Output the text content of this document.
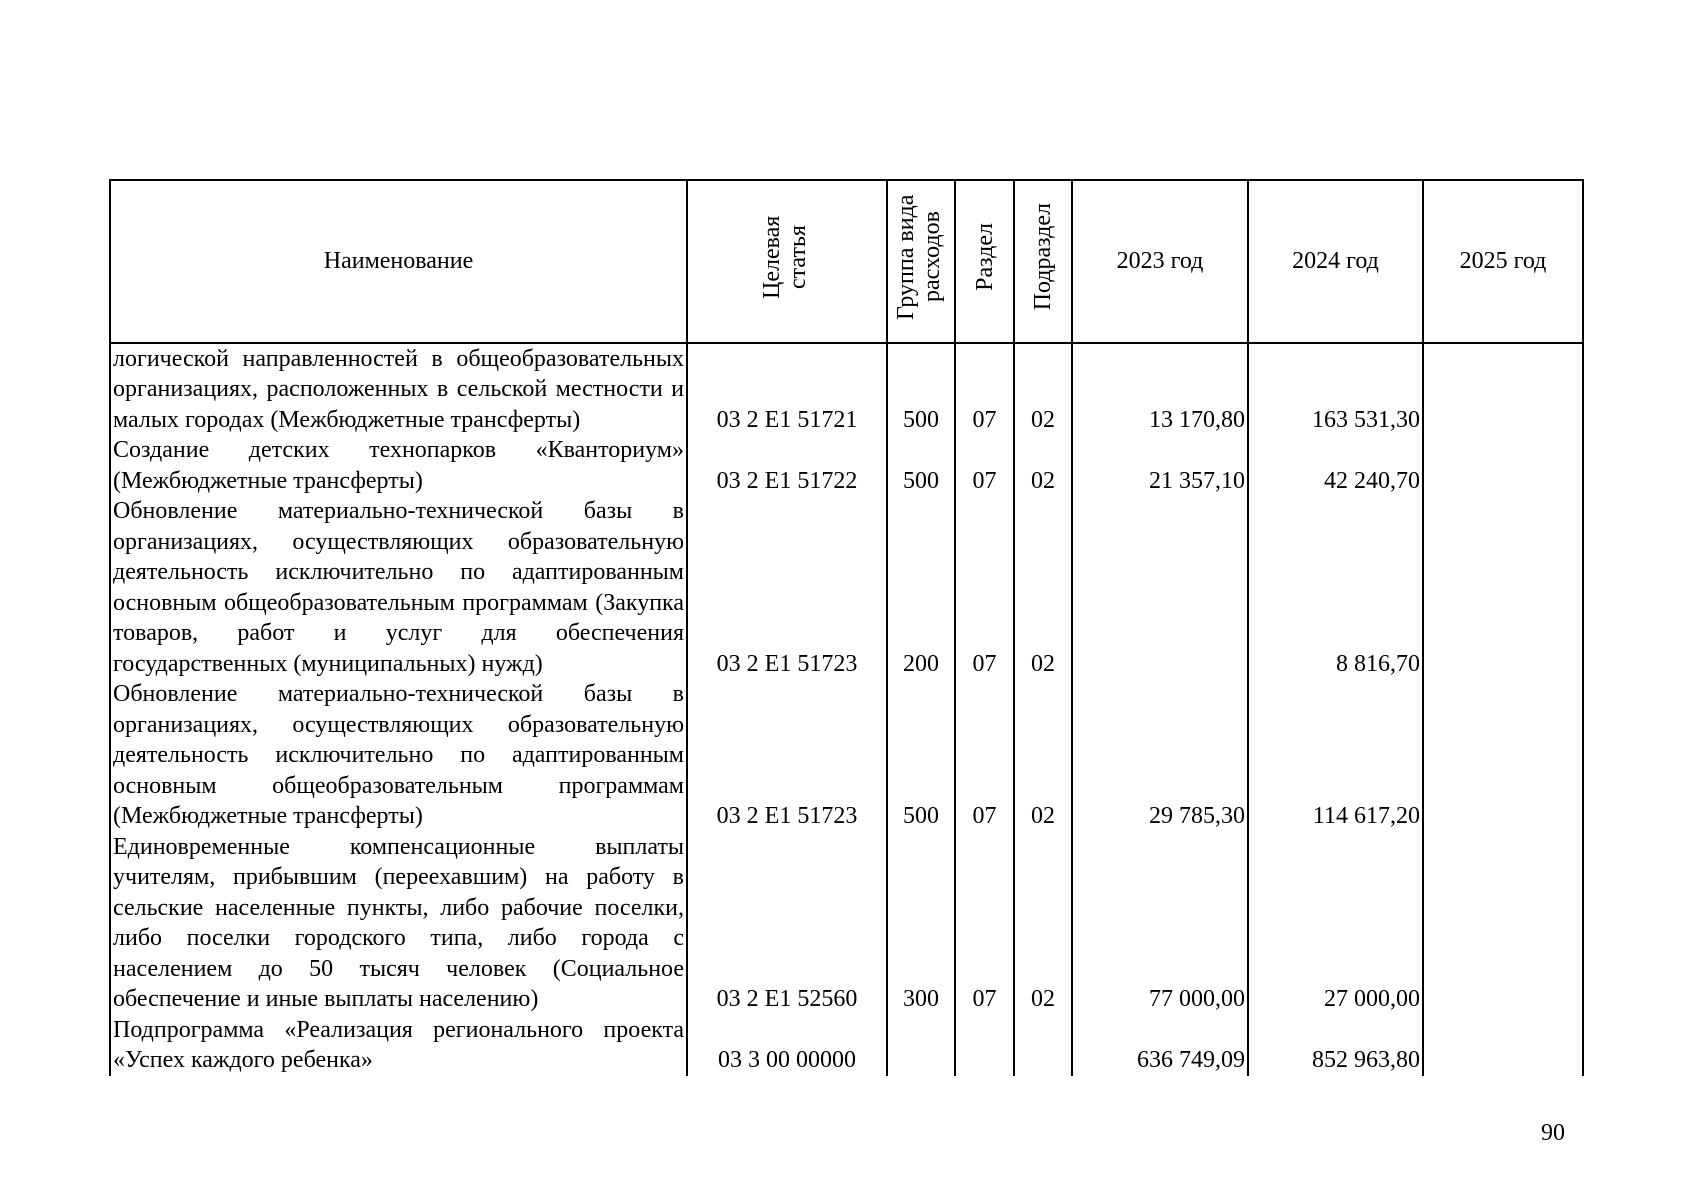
Наименование	Целевая статья	Группа вида расходов	Раздел	Подраздел	2023 год	2024 год	2025 год
логической направленностей в общеобразовательных организациях, расположенных в сельской местности и малых городах (Межбюджетные трансферты)	03 2 E1 51721	500	07	02	13 170,80	163 531,30	
Создание детских технопарков «Кванториум» (Межбюджетные трансферты)	03 2 E1 51722	500	07	02	21 357,10	42 240,70	
Обновление материально-технической базы в организациях, осуществляющих образовательную деятельность исключительно по адаптированным основным общеобразовательным программам (Закупка товаров, работ и услуг для обеспечения государственных (муниципальных) нужд)	03 2 E1 51723	200	07	02		8 816,70	
Обновление материально-технической базы в организациях, осуществляющих образовательную деятельность исключительно по адаптированным основным общеобразовательным программам (Межбюджетные трансферты)	03 2 E1 51723	500	07	02	29 785,30	114 617,20	
Единовременные компенсационные выплаты учителям, прибывшим (переехавшим) на работу в сельские населенные пункты, либо рабочие поселки, либо поселки городского типа, либо города с населением до 50 тысяч человек (Социальное обеспечение и иные выплаты населению)	03 2 E1 52560	300	07	02	77 000,00	27 000,00	
Подпрограмма «Реализация регионального проекта «Успех каждого ребенка»	03 3 00 00000				636 749,09	852 963,80	
90
